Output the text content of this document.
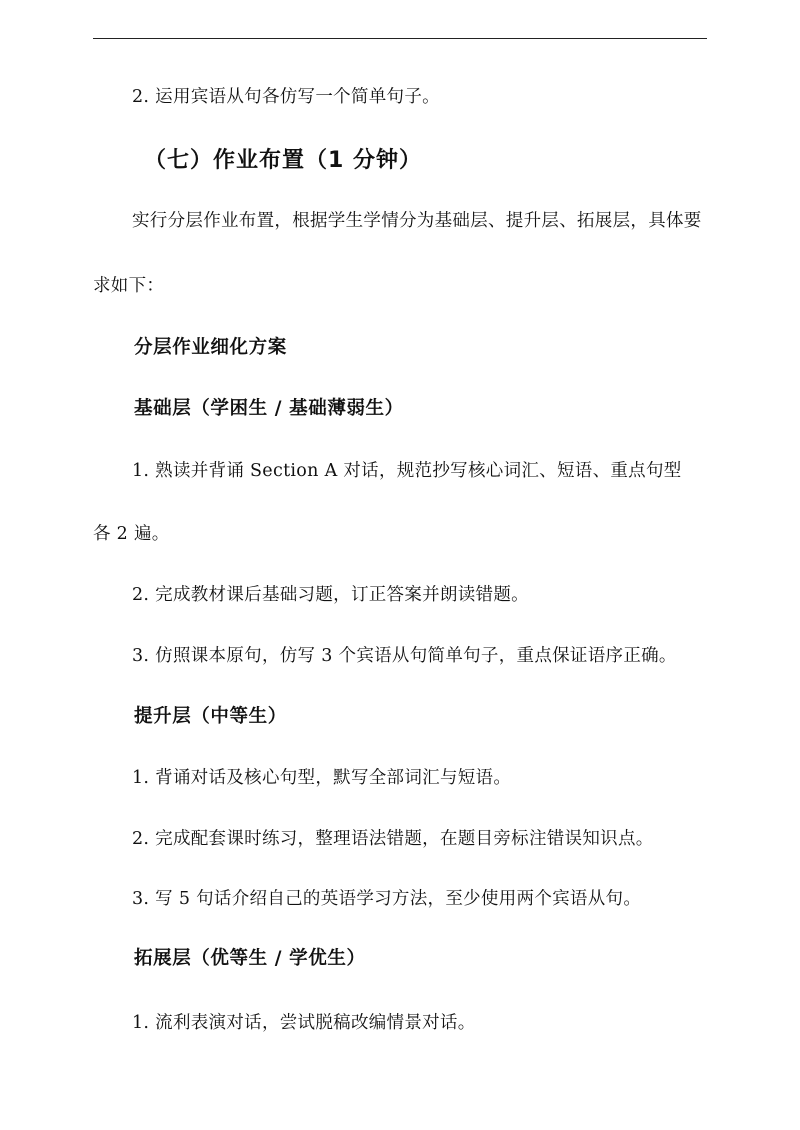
2. 运用宾语从句各仿写一个简单句子。
（七）作业布置（1 分钟）
实行分层作业布置，根据学生学情分为基础层、提升层、拓展层，具体要
求如下：
分层作业细化方案
基础层（学困生 / 基础薄弱生）
1. 熟读并背诵 Section A 对话，规范抄写核心词汇、短语、重点句型
各 2 遍。
2. 完成教材课后基础习题，订正答案并朗读错题。
3. 仿照课本原句，仿写 3 个宾语从句简单句子，重点保证语序正确。
提升层（中等生）
1. 背诵对话及核心句型，默写全部词汇与短语。
2. 完成配套课时练习，整理语法错题，在题目旁标注错误知识点。
3. 写 5 句话介绍自己的英语学习方法，至少使用两个宾语从句。
拓展层（优等生 / 学优生）
1. 流利表演对话，尝试脱稿改编情景对话。
